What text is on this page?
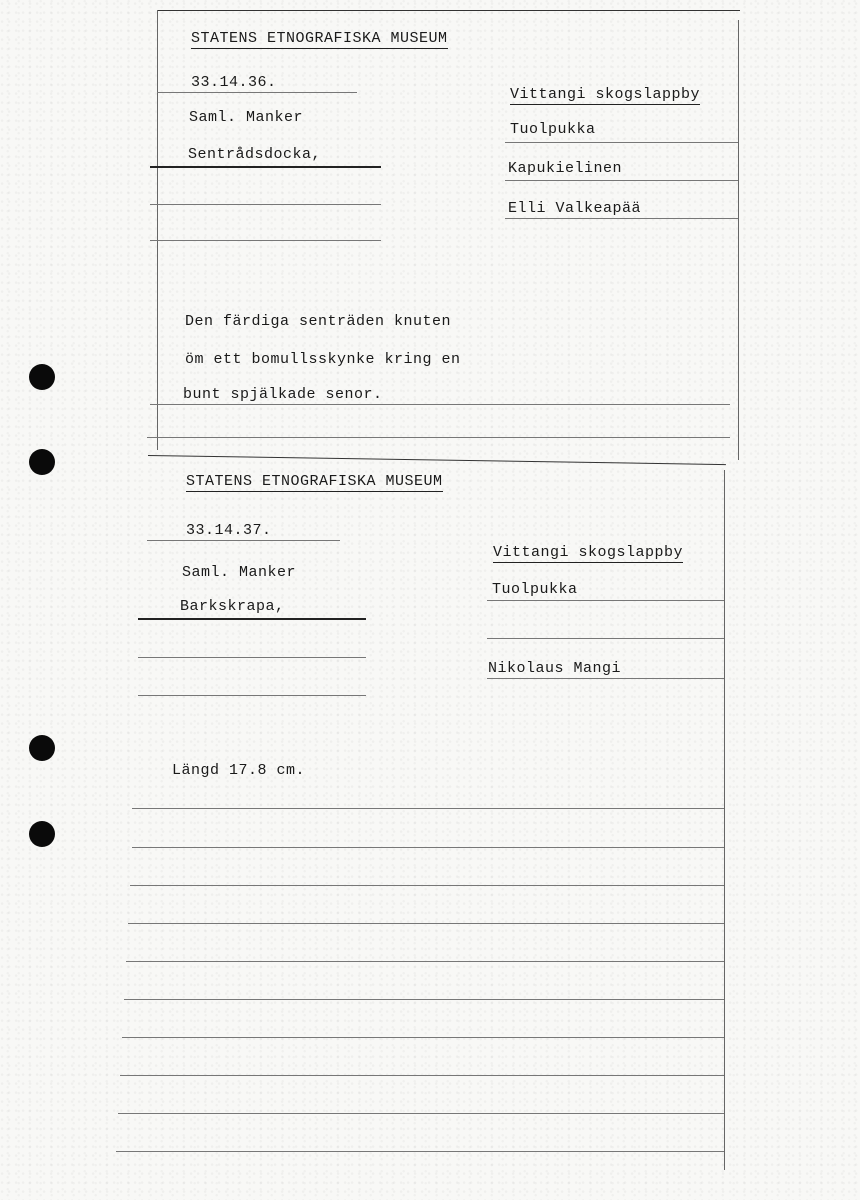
STATENS ETNOGRAFISKA MUSEUM
33.14.36.
Saml. Manker
Sentrådsdocka,
Vittangi skogslappby
Tuolpukka
Kapukielinen
Elli Valkeapää
Den färdiga senträden knuten
öm ett bomullsskynke kring en
bunt spjälkade senor.
STATENS ETNOGRAFISKA MUSEUM
33.14.37.
Saml. Manker
Barkskrapa,
Vittangi skogslappby
Tuolpukka
Nikolaus Mangi
Längd 17.8 cm.
